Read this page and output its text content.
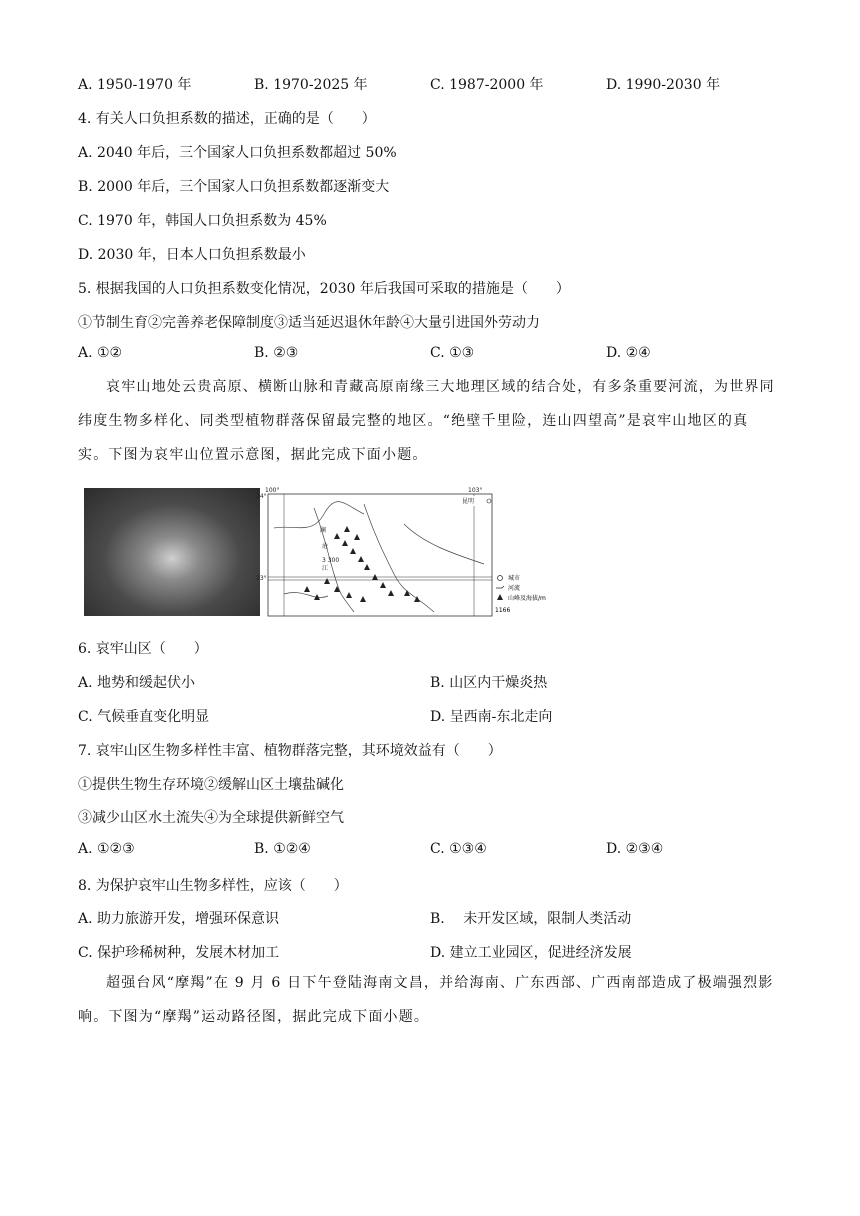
A. 1950-1970 年	B. 1970-2025 年	C. 1987-2000 年	D. 1990-2030 年
4. 有关人口负担系数的描述，正确的是（　　）
A. 2040 年后，三个国家人口负担系数都超过 50%
B. 2000 年后，三个国家人口负担系数都逐渐变大
C. 1970 年，韩国人口负担系数为 45%
D. 2030 年，日本人口负担系数最小
5. 根据我国的人口负担系数变化情况，2030 年后我国可采取的措施是（　　）
①节制生育②完善养老保障制度③适当延迟退休年龄④大量引进国外劳动力
A. ①②	B. ②③	C. ①③	D. ②④
哀牢山地处云贵高原、横断山脉和青藏高原南缘三大地理区域的结合处，有多条重要河流，为世界同纬度生物多样化、同类型植物群落保留最完整的地区。“绝壁千里险，连山四望高”是哀牢山地区的真实。下图为哀牢山位置示意图，据此完成下面小题。
100°	103°
24°
23°
昆明
3 300
澜
沧
江
城市
河流
山峰及海拔/m
1166
6. 哀牢山区（　　）
A. 地势和缓起伏小	B. 山区内干燥炎热
C. 气候垂直变化明显	D. 呈西南-东北走向
7. 哀牢山区生物多样性丰富、植物群落完整，其环境效益有（　　）
①提供生物生存环境②缓解山区土壤盐碱化
③减少山区水土流失④为全球提供新鲜空气
A. ①②③	B. ①②④	C. ①③④	D. ②③④
8. 为保护哀牢山生物多样性，应该（　　）
A. 助力旅游开发，增强环保意识	B.　 未开发区域，限制人类活动
C. 保护珍稀树种，发展木材加工	D. 建立工业园区，促进经济发展
超强台风“摩羯”在 9 月 6 日下午登陆海南文昌，并给海南、广东西部、广西南部造成了极端强烈影响。下图为“摩羯”运动路径图，据此完成下面小题。
